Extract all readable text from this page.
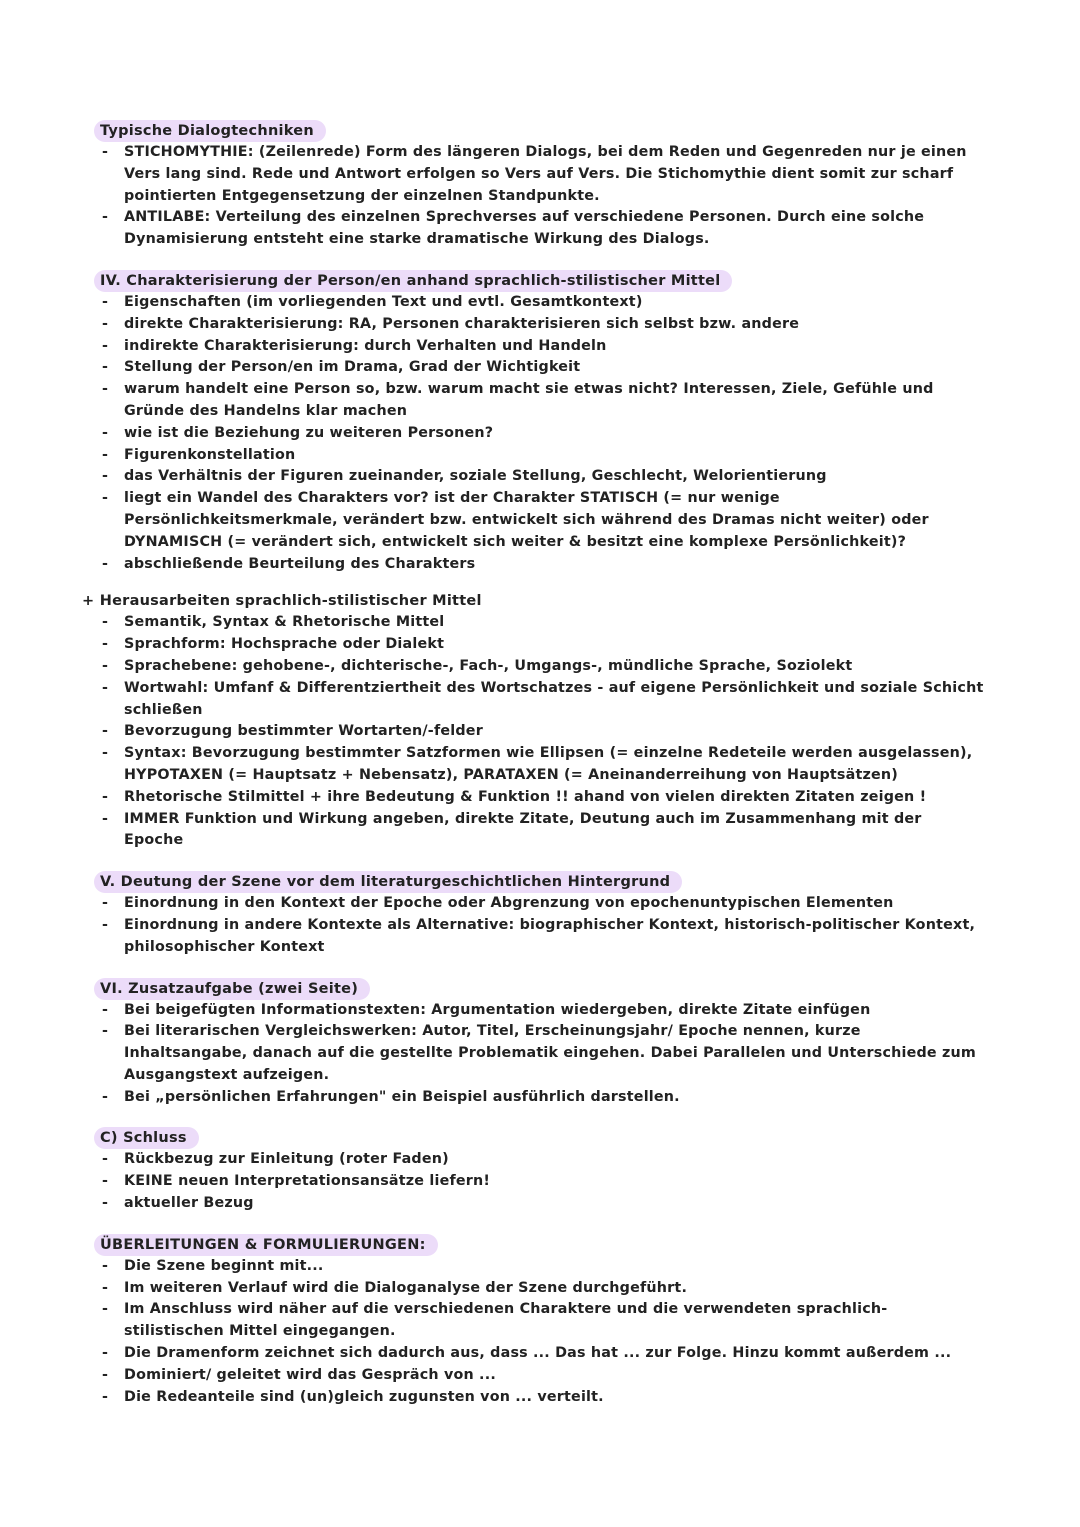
Typische Dialogtechniken
- STICHOMYTHIE: (Zeilenrede) Form des längeren Dialogs, bei dem Reden und Gegenreden nur je einen Vers lang sind. Rede und Antwort erfolgen so Vers auf Vers. Die Stichomythie dient somit zur scharf pointierten Entgegensetzung der einzelnen Standpunkte.
- ANTILABE: Verteilung des einzelnen Sprechverses auf verschiedene Personen. Durch eine solche Dynamisierung entsteht eine starke dramatische Wirkung des Dialogs.
IV. Charakterisierung der Person/en anhand sprachlich-stilistischer Mittel
- Eigenschaften (im vorliegenden Text und evtl. Gesamtkontext)
- direkte Charakterisierung: RA, Personen charakterisieren sich selbst bzw. andere
- indirekte Charakterisierung: durch Verhalten und Handeln
- Stellung der Person/en im Drama, Grad der Wichtigkeit
- warum handelt eine Person so, bzw. warum macht sie etwas nicht? Interessen, Ziele, Gefühle und Gründe des Handelns klar machen
- wie ist die Beziehung zu weiteren Personen?
- Figurenkonstellation
- das Verhältnis der Figuren zueinander, soziale Stellung, Geschlecht, Welorientierung
- liegt ein Wandel des Charakters vor? ist der Charakter STATISCH (= nur wenige Persönlichkeitsmerkmale, verändert bzw. entwickelt sich während des Dramas nicht weiter) oder DYNAMISCH (= verändert sich, entwickelt sich weiter & besitzt eine komplexe Persönlichkeit)?
- abschließende Beurteilung des Charakters
+ Herausarbeiten sprachlich-stilistischer Mittel
- Semantik, Syntax & Rhetorische Mittel
- Sprachform: Hochsprache oder Dialekt
- Sprachebene: gehobene-, dichterische-, Fach-, Umgangs-, mündliche Sprache, Soziolekt
- Wortwahl: Umfanf & Differentziertheit des Wortschatzes - auf eigene Persönlichkeit und soziale Schicht schließen
- Bevorzugung bestimmter Wortarten/-felder
- Syntax: Bevorzugung bestimmter Satzformen wie Ellipsen (= einzelne Redeteile werden ausgelassen), HYPOTAXEN (= Hauptsatz + Nebensatz), PARATAXEN (= Aneinanderreihung von Hauptsätzen)
- Rhetorische Stilmittel + ihre Bedeutung & Funktion !! ahand von vielen direkten Zitaten zeigen !
- IMMER Funktion und Wirkung angeben, direkte Zitate, Deutung auch im Zusammenhang mit der Epoche
V. Deutung der Szene vor dem literaturgeschichtlichen Hintergrund
- Einordnung in den Kontext der Epoche oder Abgrenzung von epochenuntypischen Elementen
- Einordnung in andere Kontexte als Alternative: biographischer Kontext, historisch-politischer Kontext, philosophischer Kontext
VI. Zusatzaufgabe (zwei Seite)
- Bei beigefügten Informationstexten: Argumentation wiedergeben, direkte Zitate einfügen
- Bei literarischen Vergleichswerken: Autor, Titel, Erscheinungsjahr/ Epoche nennen, kurze Inhaltsangabe, danach auf die gestellte Problematik eingehen. Dabei Parallelen und Unterschiede zum Ausgangstext aufzeigen.
- Bei „persönlichen Erfahrungen" ein Beispiel ausführlich darstellen.
C) Schluss
- Rückbezug zur Einleitung (roter Faden)
- KEINE neuen Interpretationsansätze liefern!
- aktueller Bezug
ÜBERLEITUNGEN & FORMULIERUNGEN:
- Die Szene beginnt mit...
- Im weiteren Verlauf wird die Dialoganalyse der Szene durchgeführt.
- Im Anschluss wird näher auf die verschiedenen Charaktere und die verwendeten sprachlich-stilistischen Mittel eingegangen.
- Die Dramenform zeichnet sich dadurch aus, dass ... Das hat ... zur Folge. Hinzu kommt außerdem ...
- Dominiert/ geleitet wird das Gespräch von ...
- Die Redeanteile sind (un)gleich zugunsten von ... verteilt.
